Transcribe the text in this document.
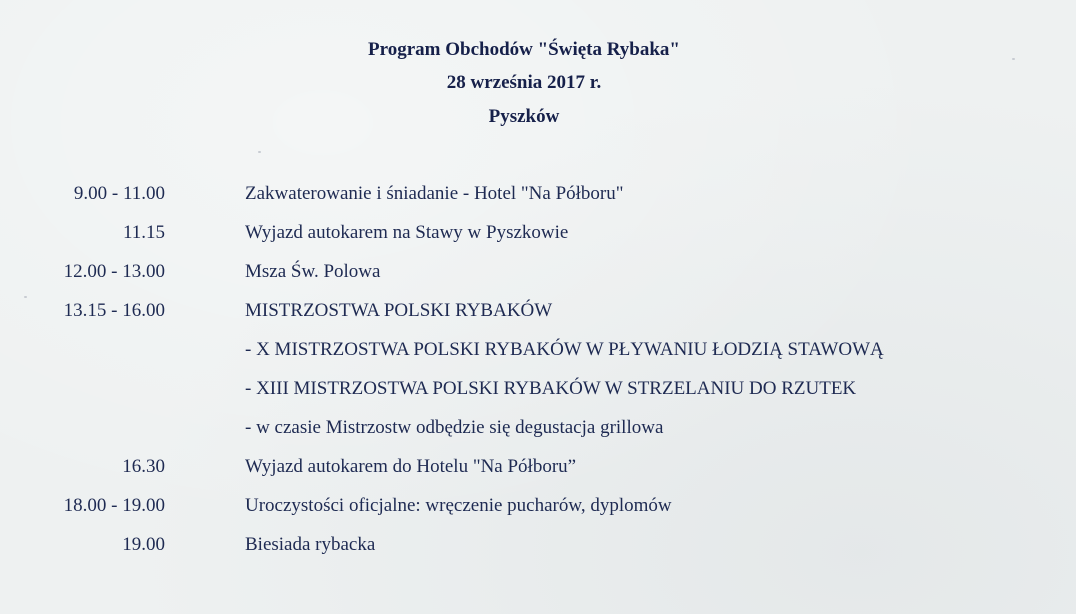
Program Obchodów "Święta Rybaka"
28 września 2017 r.
Pyszków
9.00 - 11.00	Zakwaterowanie i śniadanie - Hotel "Na Półboru"
11.15	Wyjazd autokarem na Stawy w Pyszkowie
12.00 - 13.00	Msza Św. Polowa
13.15 - 16.00	MISTRZOSTWA POLSKI RYBAKÓW
- X MISTRZOSTWA POLSKI RYBAKÓW W PŁYWANIU ŁODZIĄ STAWOWĄ
- XIII MISTRZOSTWA POLSKI RYBAKÓW W STRZELANIU DO RZUTEK
- w czasie Mistrzostw odbędzie się degustacja grillowa
16.30	Wyjazd autokarem do Hotelu "Na Półboru”
18.00 - 19.00	Uroczystości oficjalne: wręczenie pucharów, dyplomów
19.00	Biesiada rybacka
